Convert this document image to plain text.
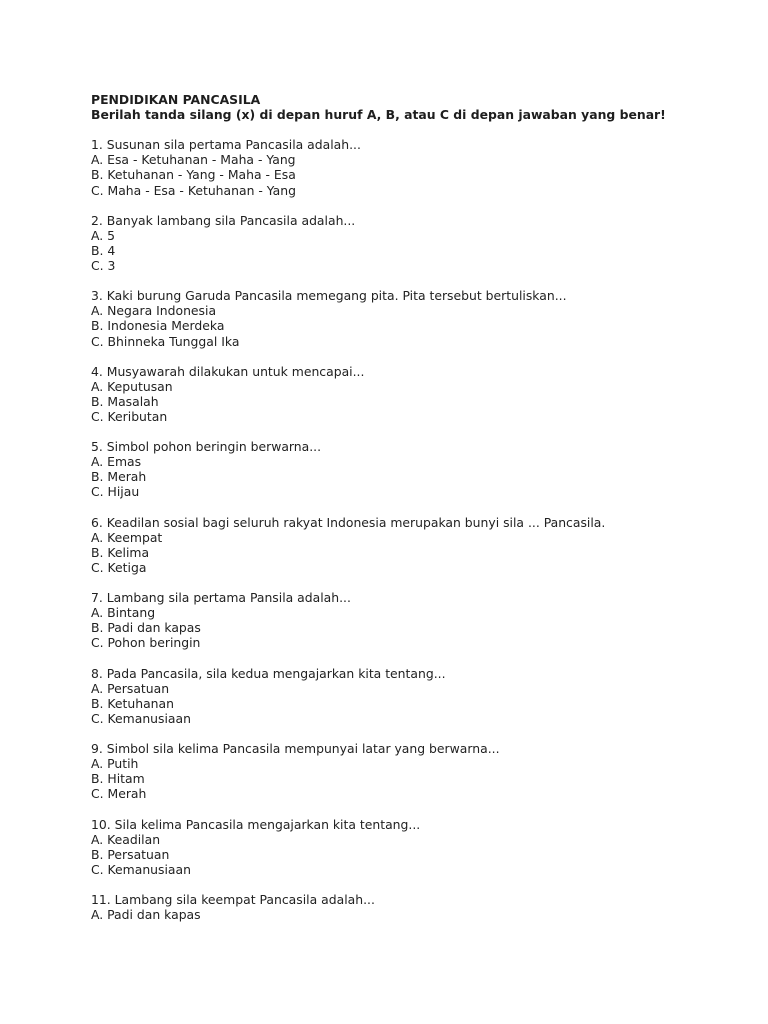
PENDIDIKAN PANCASILA
Berilah tanda silang (x) di depan huruf A, B, atau C di depan jawaban yang benar!
1. Susunan sila pertama Pancasila adalah...
A. Esa - Ketuhanan - Maha - Yang
B. Ketuhanan - Yang - Maha - Esa
C. Maha - Esa - Ketuhanan - Yang
2. Banyak lambang sila Pancasila adalah...
A. 5
B. 4
C. 3
3. Kaki burung Garuda Pancasila memegang pita. Pita tersebut bertuliskan...
A. Negara Indonesia
B. Indonesia Merdeka
C. Bhinneka Tunggal Ika
4. Musyawarah dilakukan untuk mencapai...
A. Keputusan
B. Masalah
C. Keributan
5. Simbol pohon beringin berwarna...
A. Emas
B. Merah
C. Hijau
6. Keadilan sosial bagi seluruh rakyat Indonesia merupakan bunyi sila ... Pancasila.
A. Keempat
B. Kelima
C. Ketiga
7. Lambang sila pertama Pansila adalah...
A. Bintang
B. Padi dan kapas
C. Pohon beringin
8. Pada Pancasila, sila kedua mengajarkan kita tentang...
A. Persatuan
B. Ketuhanan
C. Kemanusiaan
9. Simbol sila kelima Pancasila mempunyai latar yang berwarna...
A. Putih
B. Hitam
C. Merah
10. Sila kelima Pancasila mengajarkan kita tentang...
A. Keadilan
B. Persatuan
C. Kemanusiaan
11. Lambang sila keempat Pancasila adalah...
A. Padi dan kapas
